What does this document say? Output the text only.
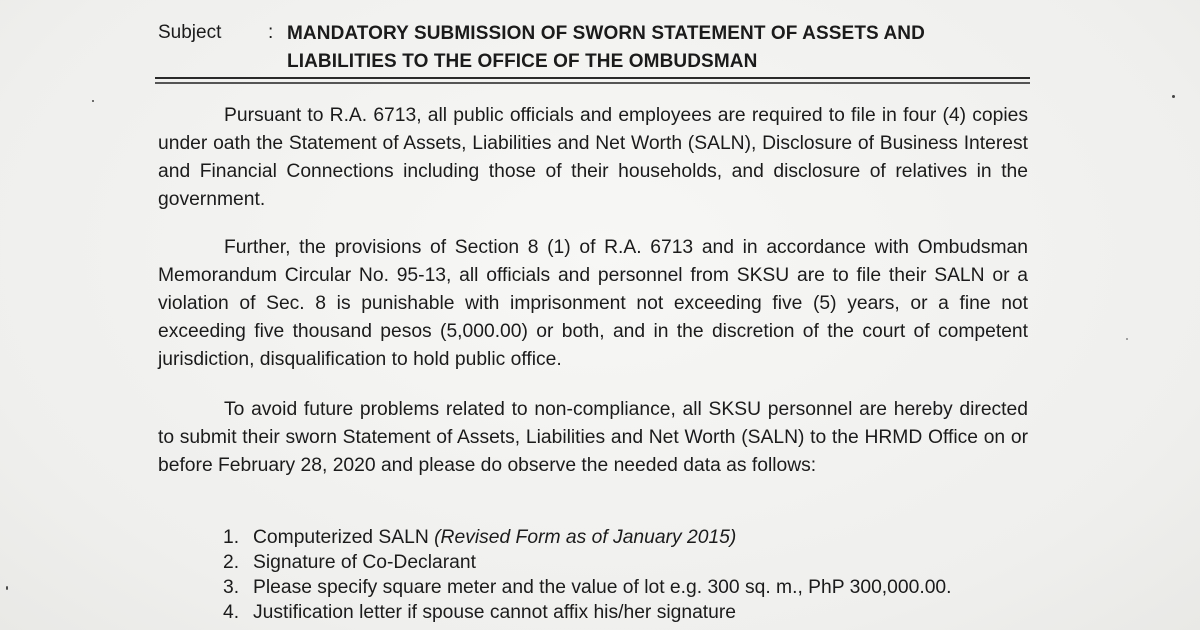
Subject : MANDATORY SUBMISSION OF SWORN STATEMENT OF ASSETS AND
LIABILITIES TO THE OFFICE OF THE OMBUDSMAN

Pursuant to R.A. 6713, all public officials and employees are required to file in four (4) copies under oath the Statement of Assets, Liabilities and Net Worth (SALN), Disclosure of Business Interest and Financial Connections including those of their households, and disclosure of relatives in the government.

Further, the provisions of Section 8 (1) of R.A. 6713 and in accordance with Ombudsman Memorandum Circular No. 95-13, all officials and personnel from SKSU are to file their SALN or a violation of Sec. 8 is punishable with imprisonment not exceeding five (5) years, or a fine not exceeding five thousand pesos (5,000.00) or both, and in the discretion of the court of competent jurisdiction, disqualification to hold public office.

To avoid future problems related to non-compliance, all SKSU personnel are hereby directed to submit their sworn Statement of Assets, Liabilities and Net Worth (SALN) to the HRMD Office on or before February 28, 2020 and please do observe the needed data as follows:

1. Computerized SALN (Revised Form as of January 2015)
2. Signature of Co-Declarant
3. Please specify square meter and the value of lot e.g. 300 sq. m., PhP 300,000.00.
4. Justification letter if spouse cannot affix his/her signature
